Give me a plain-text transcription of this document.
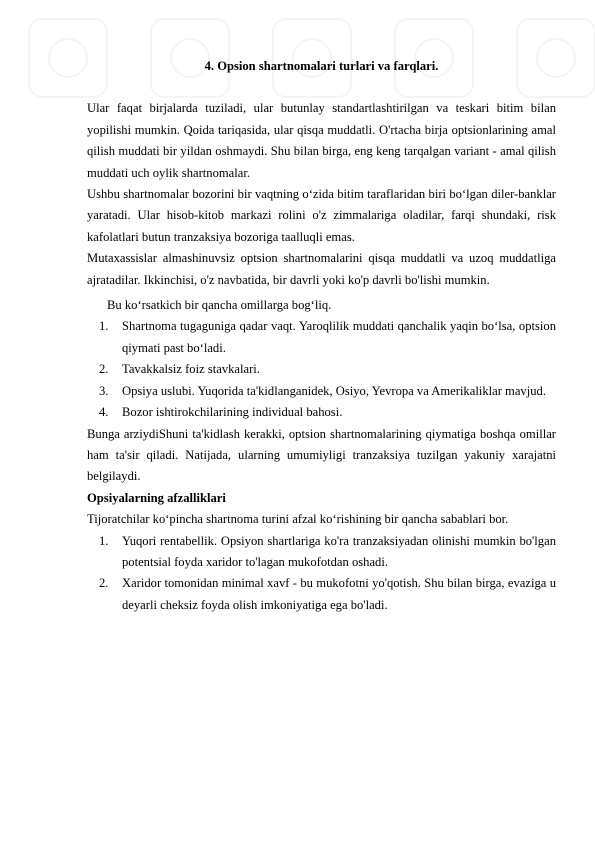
4. Opsion shartnomalari turlari va farqlari.

Ular faqat birjalarda tuziladi, ular butunlay standartlashtirilgan va teskari bitim bilan yopilishi mumkin. Qoida tariqasida, ular qisqa muddatli. O'rtacha birja optsionlarining amal qilish muddati bir yildan oshmaydi. Shu bilan birga, eng keng tarqalgan variant - amal qilish muddati uch oylik shartnomalar.

Ushbu shartnomalar bozorini bir vaqtning o‘zida bitim taraflaridan biri bo‘lgan diler-banklar yaratadi. Ular hisob-kitob markazi rolini o'z zimmalariga oladilar, farqi shundaki, risk kafolatlari butun tranzaksiya bozoriga taalluqli emas.

Mutaxassislar almashinuvsiz optsion shartnomalarini qisqa muddatli va uzoq muddatliga ajratadilar. Ikkinchisi, o'z navbatida, bir davrli yoki ko'p davrli bo'lishi mumkin.

Bu ko‘rsatkich bir qancha omillarga bog‘liq.

1. Shartnoma tugaguniga qadar vaqt. Yaroqlilik muddati qanchalik yaqin bo‘lsa, optsion qiymati past bo‘ladi.
2. Tavakkalsiz foiz stavkalari.
3. Opsiya uslubi. Yuqorida ta'kidlanganidek, Osiyo, Yevropa va Amerikaliklar mavjud.
4. Bozor ishtirokchilarining individual bahosi.

Bunga arziydiShuni ta'kidlash kerakki, optsion shartnomalarining qiymatiga boshqa omillar ham ta'sir qiladi. Natijada, ularning umumiyligi tranzaksiya tuzilgan yakuniy xarajatni belgilaydi.

Opsiyalarning afzalliklari

Tijoratchilar ko‘pincha shartnoma turini afzal ko‘rishining bir qancha sabablari bor.

1. Yuqori rentabellik. Opsiyon shartlariga ko'ra tranzaksiyadan olinishi mumkin bo'lgan potentsial foyda xaridor to'lagan mukofotdan oshadi.
2. Xaridor tomonidan minimal xavf - bu mukofotni yo'qotish. Shu bilan birga, evaziga u deyarli cheksiz foyda olish imkoniyatiga ega bo'ladi.
